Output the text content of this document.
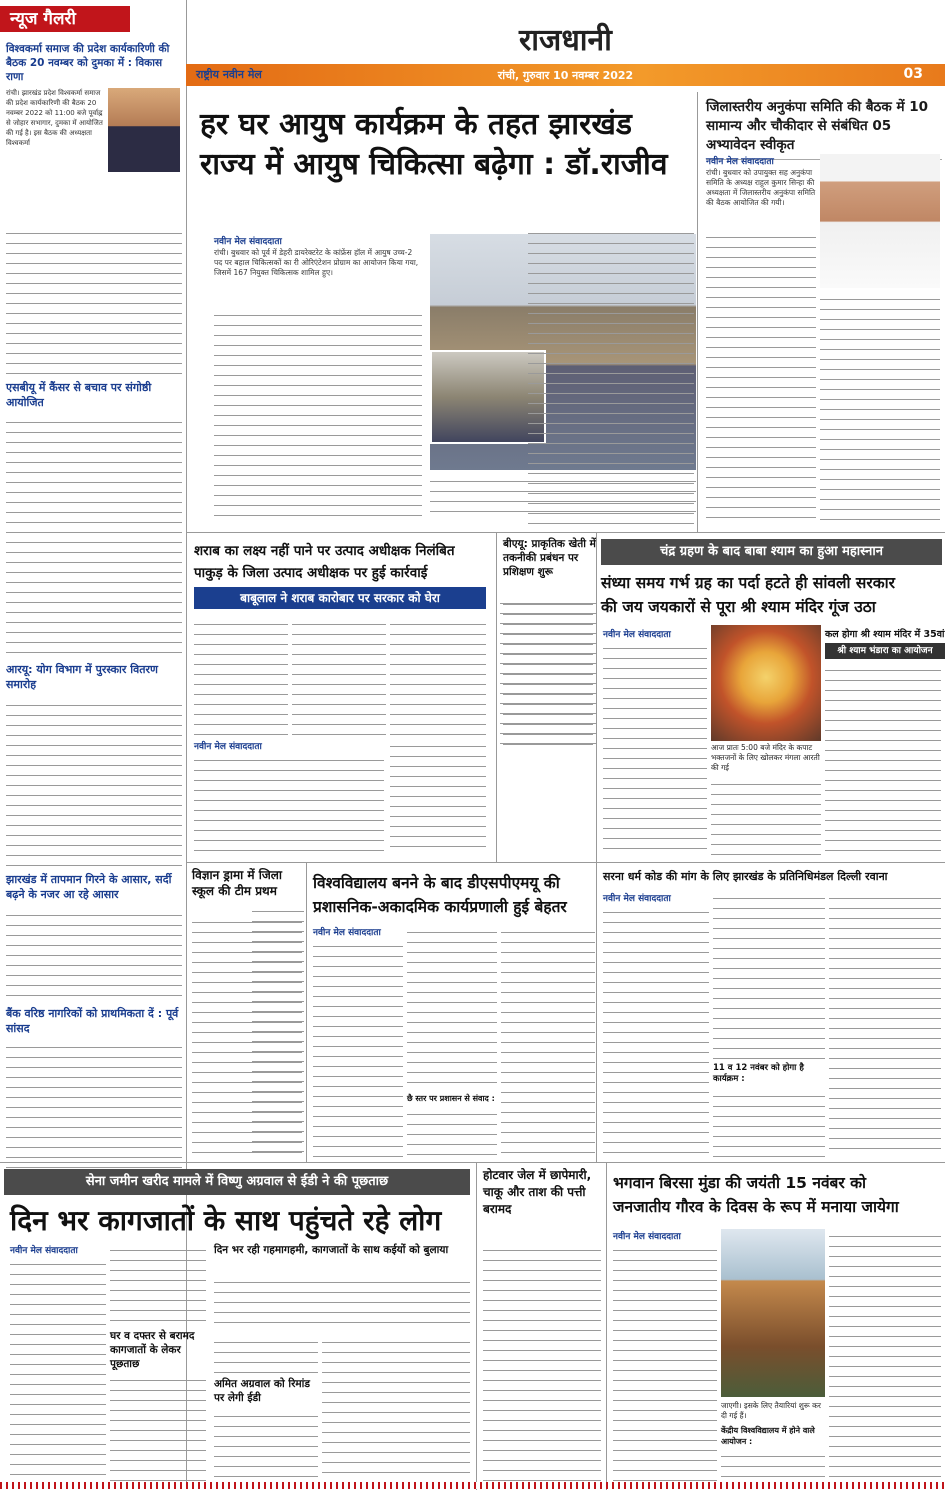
न्यूज गैलरी
विश्वकर्मा समाज की प्रदेश कार्यकारिणी की बैठक 20 नवम्बर को दुमका में : विकास राणा
रांची। झारखंड प्रदेश विश्वकर्मा समाज की प्रदेश कार्यकारिणी की बैठक 20 नवम्बर 2022 को 11:00 बजे पूर्वाह्न से जोहार सभागार, दुमका में आयोजित की गई है। इस बैठक की अध्यक्षता विश्वकर्मा
एसबीयू में कैंसर से बचाव पर संगोष्ठी आयोजित
आरयू: योग विभाग में पुरस्कार वितरण समारोह
झारखंड में तापमान गिरने के आसार, सर्दी बढ़ने के नजर आ रहे आसार
बैंक वरिष्ठ नागरिकों को प्राथमिकता दें : पूर्व सांसद
राजधानी
राष्ट्रीय नवीन मेल	रांची, गुरुवार 10 नवम्बर 2022	03
हर घर आयुष कार्यक्रम के तहत झारखंड
राज्य में आयुष चिकित्सा बढ़ेगा : डॉ.राजीव
नवीन मेल संवाददाता
रांची। बुधवार को पूर्व में डेहरी डायरेक्टरेट के कांफ्रेंस हॉल में आयुष उच्च-2 पद पर बहाल चिकित्सकों का री ओरिएंटेशन प्रोग्राम का आयोजन किया गया, जिसमें 167 नियुक्त चिकित्सक शामिल हुए।
जिलास्तरीय अनुकंपा समिति की बैठक में 10 सामान्य और चौकीदार से संबंधित 05 अभ्यावेदन स्वीकृत
नवीन मेल संवाददाता
रांची। बुधवार को उपायुक्त सह अनुकंपा समिति के अध्यक्ष राहुल कुमार सिन्हा की अध्यक्षता में जिलास्तरीय अनुकंपा समिति की बैठक आयोजित की गयी।
शराब का लक्ष्य नहीं पाने पर उत्पाद अधीक्षक निलंबित
पाकुड़ के जिला उत्पाद अधीक्षक पर हुई कार्रवाई
बाबूलाल ने शराब कारोबार पर सरकार को घेरा
नवीन मेल संवाददाता
बीएयू: प्राकृतिक खेती में तकनीकी प्रबंधन पर प्रशिक्षण शुरू
चंद्र ग्रहण के बाद बाबा श्याम का हुआ महास्नान
संध्या समय गर्भ ग्रह का पर्दा हटते ही सांवली सरकार
की जय जयकारों से पूरा श्री श्याम मंदिर गूंज उठा
नवीन मेल संवाददाता
आज प्रातः 5:00 बजे मंदिर के कपाट भक्तजनों के लिए खोलकर मंगला आरती की गई
कल होगा श्री श्याम मंदिर में 35वां
श्री श्याम भंडारा का आयोजन
विज्ञान ड्रामा में जिला स्कूल की टीम प्रथम	विश्वविद्यालय बनने के बाद डीएसपीएमयू की
प्रशासनिक-अकादमिक कार्यप्रणाली हुई बेहतर
नवीन मेल संवाददाता
छै स्तर पर प्रशासन से संवाद :
सरना धर्म कोड की मांग के लिए झारखंड के प्रतिनिधिमंडल दिल्ली रवाना
नवीन मेल संवाददाता
11 व 12 नवंबर को होगा है कार्यक्रम :
सेना जमीन खरीद मामले में विष्णु अग्रवाल से ईडी ने की पूछताछ
दिन भर कागजातों के साथ पहुंचते रहे लोग
नवीन मेल संवाददाता
घर व दफ्तर से बरामद कागजातों के लेकर पूछताछ
दिन भर रही गहमागहमी, कागजातों के साथ कईयों को बुलाया
अमित अग्रवाल को रिमांड पर लेगी ईडी
होटवार जेल में छापेमारी, चाकू और ताश की पत्ती बरामद
भगवान बिरसा मुंडा की जयंती 15 नवंबर को
जनजातीय गौरव के दिवस के रूप में मनाया जायेगा
नवीन मेल संवाददाता
जाएगी। इसके लिए तैयारियां शुरू कर दी गई हैं।
केंद्रीय विश्वविद्यालय में होने वाले आयोजन :
